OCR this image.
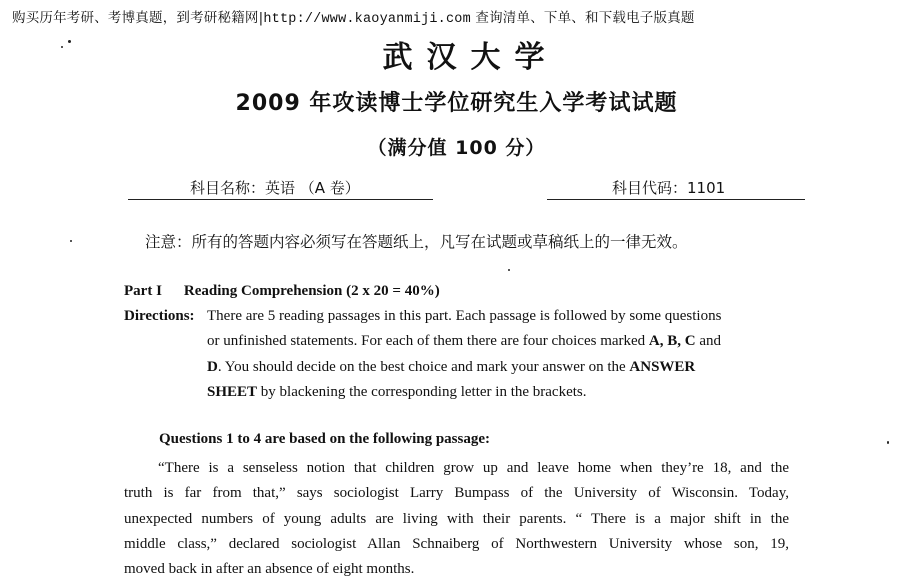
购买历年考研、考博真题，到考研秘籍网|http://www.kaoyanmiji.com 查询清单、下单、和下载电子版真题
武汉大学
2009 年攻读博士学位研究生入学考试试题
（满分值 100 分）
科目名称：英语 （A 卷）	科目代码：1101
注意：所有的答题内容必须写在答题纸上，凡写在试题或草稿纸上的一律无效。
Part I Reading Comprehension (2 x 20 = 40%)
Directions: There are 5 reading passages in this part. Each passage is followed by some questions
or unfinished statements. For each of them there are four choices marked A, B, C and
D. You should decide on the best choice and mark your answer on the ANSWER
SHEET by blackening the corresponding letter in the brackets.
Questions 1 to 4 are based on the following passage:
“There is a senseless notion that children grow up and leave home when they’re 18, and the
truth is far from that,” says sociologist Larry Bumpass of the University of Wisconsin. Today,
unexpected numbers of young adults are living with their parents. “ There is a major shift in the
middle class,” declared sociologist Allan Schnaiberg of Northwestern University whose son, 19,
moved back in after an absence of eight months.
